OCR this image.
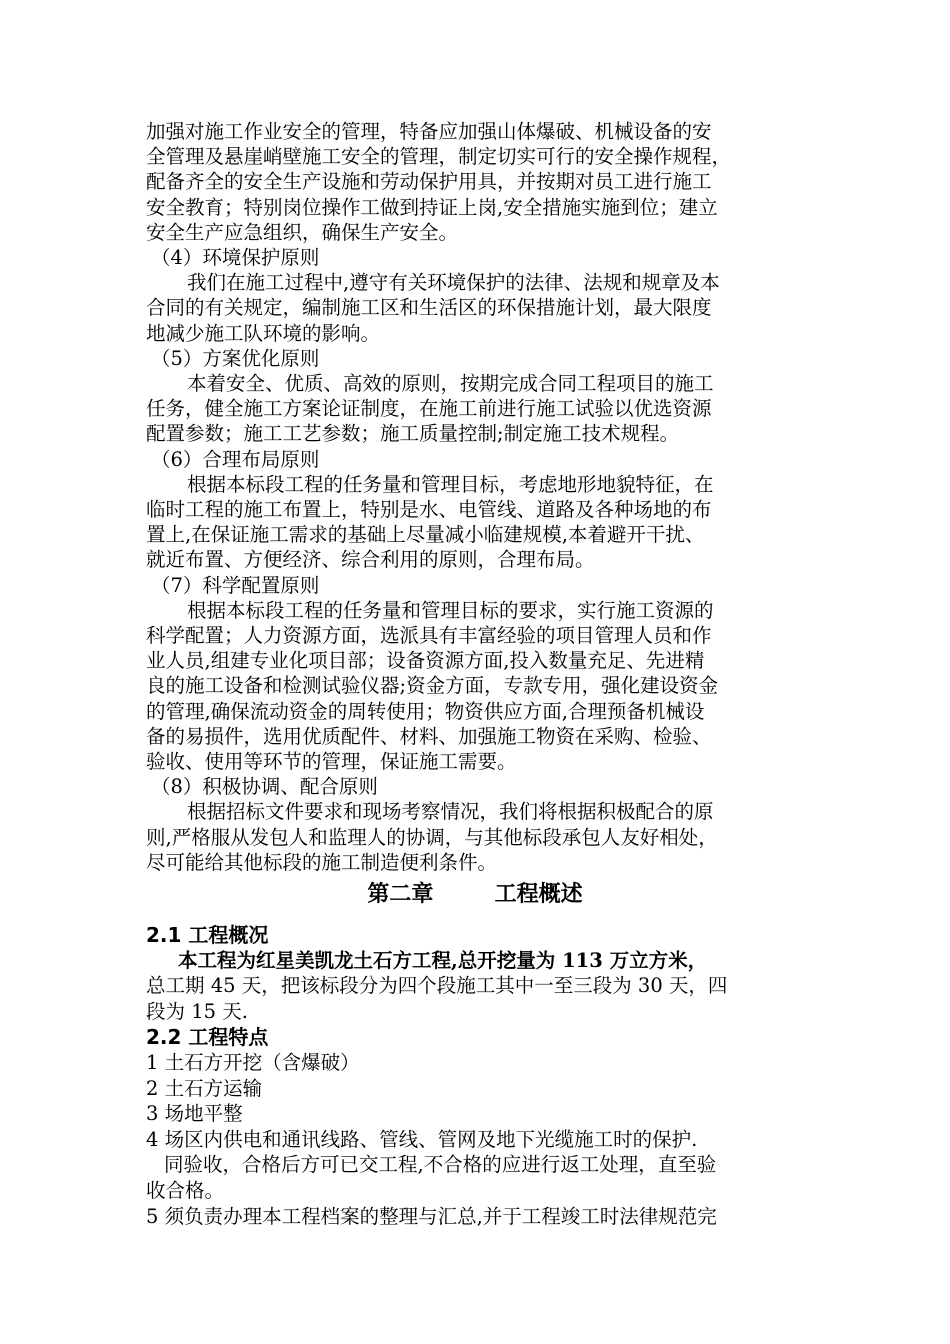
加强对施工作业安全的管理，特备应加强山体爆破、机械设备的安
全管理及悬崖峭壁施工安全的管理，制定切实可行的安全操作规程，
配备齐全的安全生产设施和劳动保护用具，并按期对员工进行施工
安全教育；特别岗位操作工做到持证上岗,安全措施实施到位；建立
安全生产应急组织，确保生产安全。
（4）环境保护原则
我们在施工过程中,遵守有关环境保护的法律、法规和规章及本
合同的有关规定，编制施工区和生活区的环保措施计划，最大限度
地减少施工队环境的影响。
（5）方案优化原则
本着安全、优质、高效的原则，按期完成合同工程项目的施工
任务，健全施工方案论证制度，在施工前进行施工试验以优选资源
配置参数；施工工艺参数；施工质量控制;制定施工技术规程。
（6）合理布局原则
根据本标段工程的任务量和管理目标，考虑地形地貌特征，在
临时工程的施工布置上，特别是水、电管线、道路及各种场地的布
置上,在保证施工需求的基础上尽量减小临建规模,本着避开干扰、
就近布置、方便经济、综合利用的原则，合理布局。
（7）科学配置原则
根据本标段工程的任务量和管理目标的要求，实行施工资源的
科学配置；人力资源方面，选派具有丰富经验的项目管理人员和作
业人员,组建专业化项目部；设备资源方面,投入数量充足、先进精
良的施工设备和检测试验仪器;资金方面，专款专用，强化建设资金
的管理,确保流动资金的周转使用；物资供应方面,合理预备机械设
备的易损件，选用优质配件、材料、加强施工物资在采购、检验、
验收、使用等环节的管理，保证施工需要。
（8）积极协调、配合原则
根据招标文件要求和现场考察情况，我们将根据积极配合的原
则,严格服从发包人和监理人的协调，与其他标段承包人友好相处，
尽可能给其他标段的施工制造便利条件。
第二章        工程概述
2.1 工程概况
本工程为红星美凯龙土石方工程,总开挖量为 113 万立方米，
总工期 45 天，把该标段分为四个段施工其中一至三段为 30 天，四
段为 15 天.
2.2 工程特点
1 土石方开挖（含爆破）
2 土石方运输
3 场地平整
4 场区内供电和通讯线路、管线、管网及地下光缆施工时的保护.
同验收，合格后方可已交工程,不合格的应进行返工处理，直至验
收合格。
5 须负责办理本工程档案的整理与汇总,并于工程竣工时法律规范完
